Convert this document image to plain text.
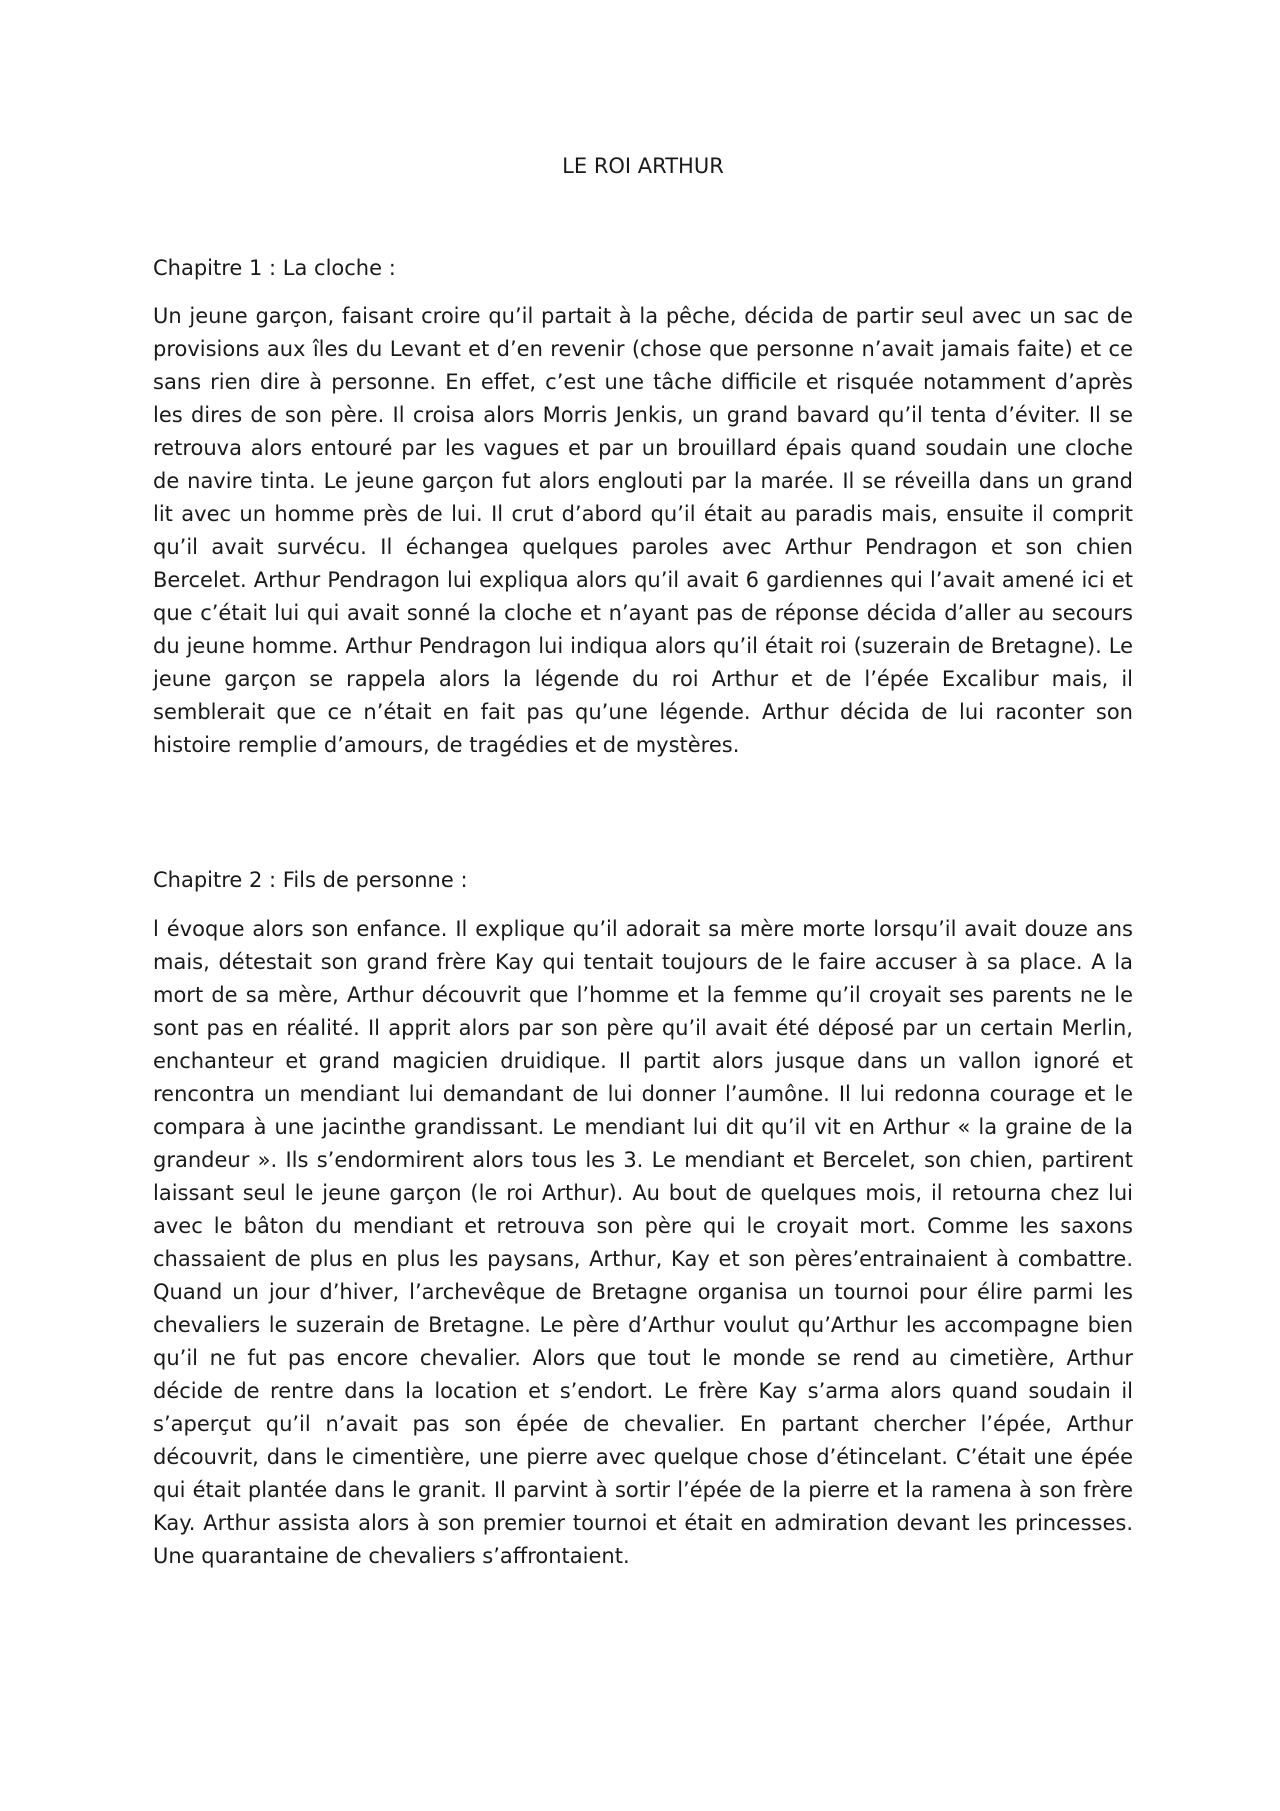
LE ROI ARTHUR
Chapitre 1 : La cloche :

Un jeune garçon, faisant croire qu’il partait à la pêche, décida de partir seul avec un sac de provisions aux îles du Levant et d’en revenir (chose que personne n’avait jamais faite) et ce sans rien dire à personne. En effet, c’est une tâche difficile et risquée notamment d’après les dires de son père. Il croisa alors Morris Jenkis, un grand bavard qu’il tenta d’éviter. Il se retrouva alors entouré par les vagues et par un brouillard épais quand soudain une cloche de navire tinta. Le jeune garçon fut alors englouti par la marée. Il se réveilla dans un grand lit avec un homme près de lui. Il crut d’abord qu’il était au paradis mais, ensuite il comprit qu’il avait survécu. Il échangea quelques paroles avec Arthur Pendragon et son chien Bercelet. Arthur Pendragon lui expliqua alors qu’il avait 6 gardiennes qui l’avait amené ici et que c’était lui qui avait sonné la cloche et n’ayant pas de réponse décida d’aller au secours du jeune homme. Arthur Pendragon lui indiqua alors qu’il était roi (suzerain de Bretagne). Le jeune garçon se rappela alors la légende du roi Arthur et de l’épée Excalibur mais, il semblerait que ce n’était en fait pas qu’une légende. Arthur décida de lui raconter son histoire remplie d’amours, de tragédies et de mystères.

Chapitre 2 : Fils de personne :

l évoque alors son enfance. Il explique qu’il adorait sa mère morte lorsqu’il avait douze ans mais, détestait son grand frère Kay qui tentait toujours de le faire accuser à sa place. A la mort de sa mère, Arthur découvrit que l’homme et la femme qu’il croyait ses parents ne le sont pas en réalité. Il apprit alors par son père qu’il avait été déposé par un certain Merlin, enchanteur et grand magicien druidique. Il partit alors jusque dans un vallon ignoré et rencontra un mendiant lui demandant de lui donner l’aumône. Il lui redonna courage et le compara à une jacinthe grandissant. Le mendiant lui dit qu’il vit en Arthur « la graine de la grandeur ». Ils s’endormirent alors tous les 3. Le mendiant et Bercelet, son chien, partirent laissant seul le jeune garçon (le roi Arthur). Au bout de quelques mois, il retourna chez lui avec le bâton du mendiant et retrouva son père qui le croyait mort. Comme les saxons chassaient de plus en plus les paysans, Arthur, Kay et son pères’entrainaient à combattre. Quand un jour d’hiver, l’archevêque de Bretagne organisa un tournoi pour élire parmi les chevaliers le suzerain de Bretagne. Le père d’Arthur voulut qu’Arthur les accompagne bien qu’il ne fut pas encore chevalier. Alors que tout le monde se rend au cimetière, Arthur décide de rentre dans la location et s’endort. Le frère Kay s’arma alors quand soudain il s’aperçut qu’il n’avait pas son épée de chevalier. En partant chercher l’épée, Arthur découvrit, dans le cimentière, une pierre avec quelque chose d’étincelant. C’était une épée qui était plantée dans le granit. Il parvint à sortir l’épée de la pierre et la ramena à son frère Kay. Arthur assista alors à son premier tournoi et était en admiration devant les princesses. Une quarantaine de chevaliers s’affrontaient.
